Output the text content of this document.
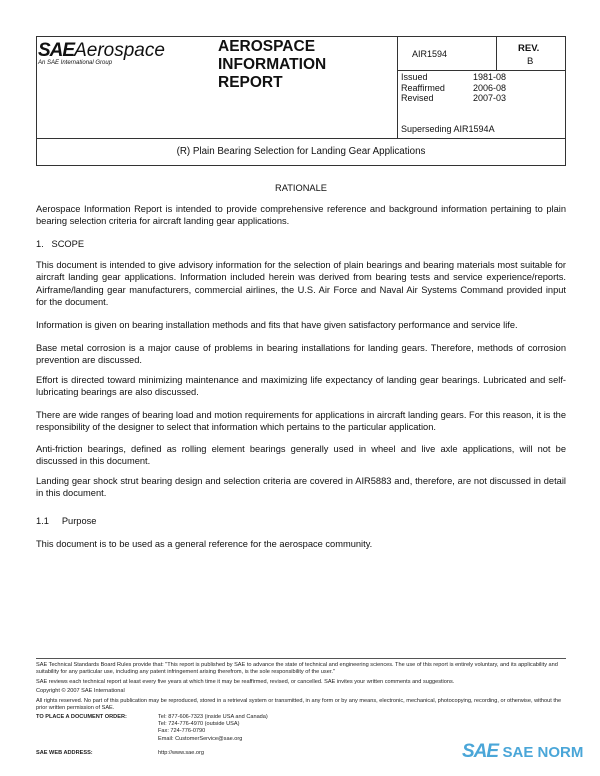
SAEAerospace
An SAE International Group
AEROSPACE
INFORMATION
REPORT
AIR1594	REV.
B
Issued	1981-08
Reaffirmed	2006-08
Revised	2007-03
Superseding AIR1594A
(R) Plain Bearing Selection for Landing Gear Applications
RATIONALE
Aerospace Information Report is intended to provide comprehensive reference and background information pertaining to plain bearing selection criteria for aircraft landing gear applications.
1.   SCOPE
This document is intended to give advisory information for the selection of plain bearings and bearing materials most suitable for aircraft landing gear applications. Information included herein was derived from bearing tests and service experience/reports. Airframe/landing gear manufacturers, commercial airlines, the U.S. Air Force and Naval Air Systems Command provided input for the document.
Information is given on bearing installation methods and fits that have given satisfactory performance and service life.
Base metal corrosion is a major cause of problems in bearing installations for landing gears. Therefore, methods of corrosion prevention are discussed.
Effort is directed toward minimizing maintenance and maximizing life expectancy of landing gear bearings. Lubricated and self-lubricating bearings are also discussed.
There are wide ranges of bearing load and motion requirements for applications in aircraft landing gears. For this reason, it is the responsibility of the designer to select that information which pertains to the particular application.
Anti-friction bearings, defined as rolling element bearings generally used in wheel and live axle applications, will not be discussed in this document.
Landing gear shock strut bearing design and selection criteria are covered in AIR5883 and, therefore, are not discussed in detail in this document.
1.1     Purpose
This document is to be used as a general reference for the aerospace community.
SAE Technical Standards Board Rules provide that: "This report is published by SAE to advance the state of technical and engineering sciences. The use of this report is entirely voluntary, and its applicability and suitability for any particular use, including any patent infringement arising therefrom, is the sole responsibility of the user."
SAE reviews each technical report at least every five years at which time it may be reaffirmed, revised, or cancelled. SAE invites your written comments and suggestions.
Copyright © 2007 SAE International
All rights reserved. No part of this publication may be reproduced, stored in a retrieval system or transmitted, in any form or by any means, electronic, mechanical, photocopying, recording, or otherwise, without the prior written permission of SAE.
TO PLACE A DOCUMENT ORDER:	Tel: 877-606-7323 (inside USA and Canada)
Tel: 724-776-4970 (outside USA)
Fax: 724-776-0790
Email: CustomerService@sae.org
SAE WEB ADDRESS:	http://www.sae.org	SAE SAE NORM
